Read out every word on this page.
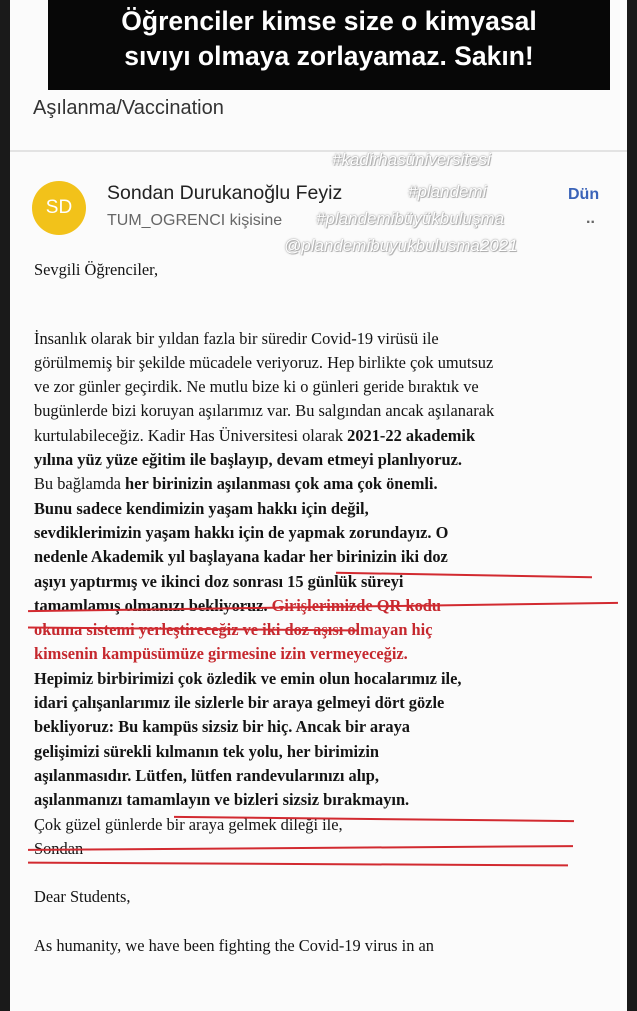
Öğrenciler kimse size o kimyasal
sıvıyı olmaya zorlayamaz. Sakın!
Aşılanma/Vaccination
#kadirhasüniversitesi
SD
Sondan Durukanoğlu Feyiz	#plandemi	Dün
TUM_OGRENCI kişisine #plandemibüyükbuluşma	..
@plandemibuyukbulusma2021
Sevgili Öğrenciler,
İnsanlık olarak bir yıldan fazla bir süredir Covid-19 virüsü ile
görülmemiş bir şekilde mücadele veriyoruz. Hep birlikte çok umutsuz
ve zor günler geçirdik. Ne mutlu bize ki o günleri geride bıraktık ve
bugünlerde bizi koruyan aşılarımız var. Bu salgından ancak aşılanarak
kurtulabileceğiz. Kadir Has Üniversitesi olarak 2021-22 akademik
yılına yüz yüze eğitim ile başlayıp, devam etmeyi planlıyoruz.
Bu bağlamda her birinizin aşılanması çok ama çok önemli.
Bunu sadece kendimizin yaşam hakkı için değil,
sevdiklerimizin yaşam hakkı için de yapmak zorundayız. O
nedenle Akademik yıl başlayana kadar her birinizin iki doz
aşıyı yaptırmış ve ikinci doz sonrası 15 günlük süreyi
tamamlamış olmanızı bekliyoruz. Girişlerimizde QR kodu
okuma sistemi yerleştireceğiz ve iki doz aşısı olmayan hiç
kimsenin kampüsümüze girmesine izin vermeyeceğiz.
Hepimiz birbirimizi çok özledik ve emin olun hocalarımız ile,
idari çalışanlarımız ile sizlerle bir araya gelmeyi dört gözle
bekliyoruz: Bu kampüs sizsiz bir hiç. Ancak bir araya
gelişimizi sürekli kılmanın tek yolu, her birimizin
aşılanmasıdır. Lütfen, lütfen randevularınızı alıp,
aşılanmanızı tamamlayın ve bizleri sizsiz bırakmayın.
Çok güzel günlerde bir araya gelmek dileği ile,
Sondan
Dear Students,
As humanity, we have been fighting the Covid-19 virus in an
